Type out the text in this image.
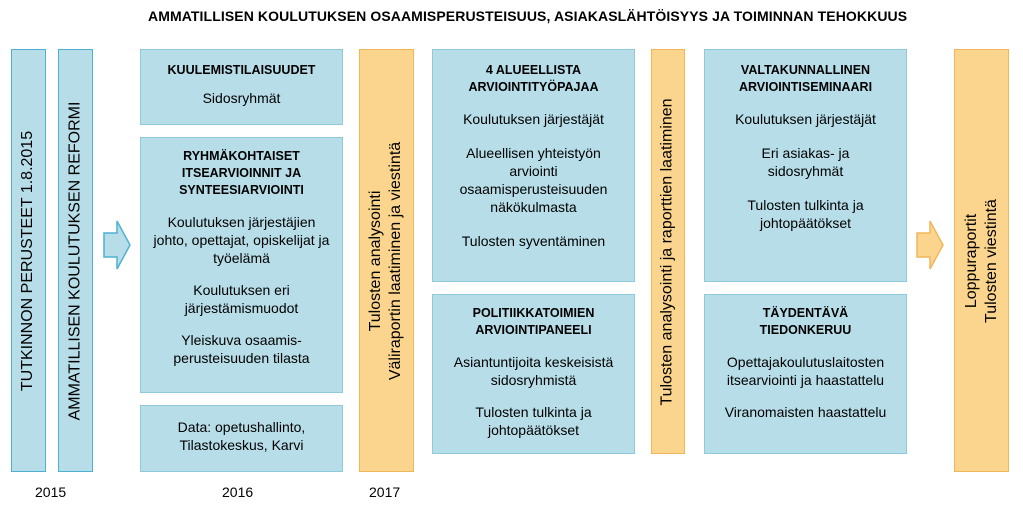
AMMATILLISEN KOULUTUKSEN OSAAMISPERUSTEISUUS, ASIAKASLÄHTÖISYYS JA TOIMINNAN TEHOKKUUS
TUTKINNON PERUSTEET 1.8.2015 AMMATILLISEN KOULUTUKSEN REFORMI
KUULEMISTILAISUUDET
Sidosryhmät
RYHMÄKOHTAISET
ITSEARVIOINNIT JA
SYNTEESIARVIOINTI
Koulutuksen järjestäjien johto, opettajat, opiskelijat ja työelämä
Koulutuksen eri järjestämismuodot
Yleiskuva osaamis-perusteisuuden tilasta
Data: opetushallinto, Tilastokeskus, Karvi
Tulosten analysointi Väliraportin laatiminen ja viestintä
4 ALUEELLISTA
ARVIOINTITYÖPAJAA
Koulutuksen järjestäjät
Alueellisen yhteistyön arviointi osaamisperusteisuuden näkökulmasta
Tulosten syventäminen
POLITIIKKATOIMIEN
ARVIOINTIPANEELI
Asiantuntijoita keskeisistä sidosryhmistä
Tulosten tulkinta ja johtopäätökset
Tulosten analysointi ja raporttien laatiminen
VALTAKUNNALLINEN
ARVIOINTISEMINAARI
Koulutuksen järjestäjät
Eri asiakas- ja sidosryhmät
Tulosten tulkinta ja johtopäätökset
TÄYDENTÄVÄ
TIEDONKERUU
Opettajakoulutuslaitosten itsearviointi ja haastattelu
Viranomaisten haastattelu
Loppuraportit Tulosten viestintä
2015	2016	2017
